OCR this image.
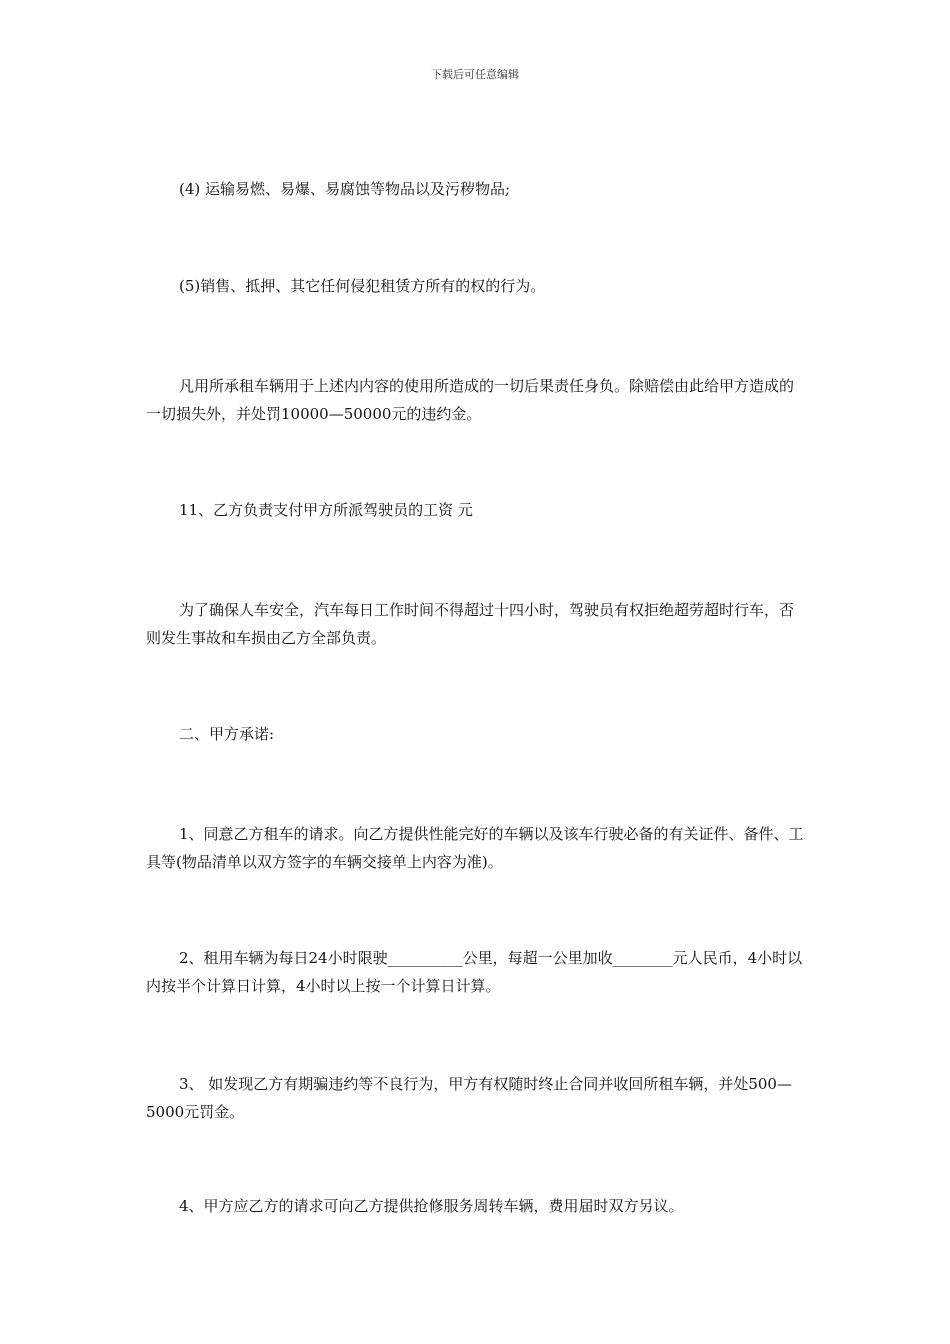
下载后可任意编辑

(4) 运输易燃、易爆、易腐蚀等物品以及污秽物品;

(5)销售、抵押、其它任何侵犯租赁方所有的权的行为。

凡用所承租车辆用于上述内内容的使用所造成的一切后果责任身负。除赔偿由此给甲方造成的一切损失外，并处罚10000—50000元的违约金。

11、乙方负责支付甲方所派驾驶员的工资 元

为了确保人车安全，汽车每日工作时间不得超过十四小时，驾驶员有权拒绝超劳超时行车，否则发生事故和车损由乙方全部负责。

二、甲方承诺:

1、同意乙方租车的请求。向乙方提供性能完好的车辆以及该车行驶必备的有关证件、备件、工具等(物品清单以双方签字的车辆交接单上内容为准)。

2、租用车辆为每日24小时限驶__________公里，每超一公里加收________元人民币，4小时以内按半个计算日计算，4小时以上按一个计算日计算。

3、 如发现乙方有期骗违约等不良行为，甲方有权随时终止合同并收回所租车辆，并处500—5000元罚金。

4、甲方应乙方的请求可向乙方提供抢修服务周转车辆，费用届时双方另议。
